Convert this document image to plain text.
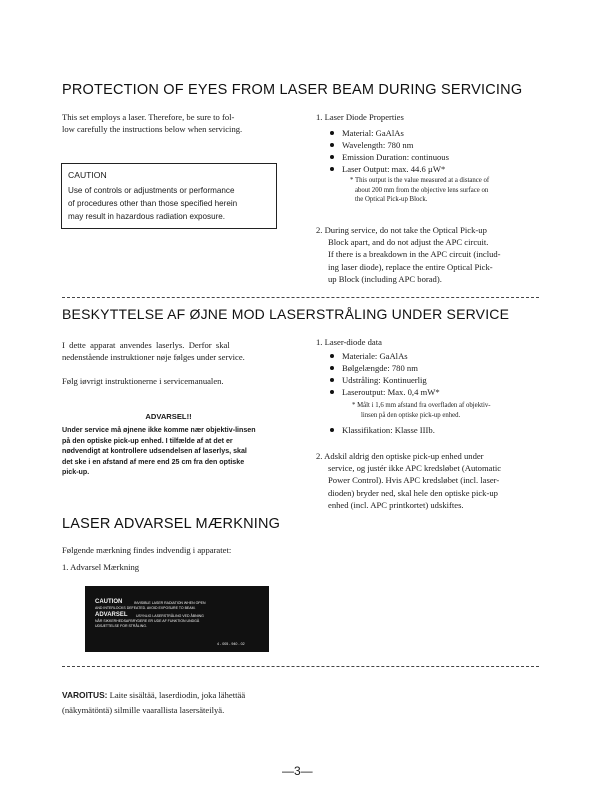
PROTECTION OF EYES FROM LASER BEAM DURING SERVICING
This set employs a laser. Therefore, be sure to fol-
low carefully the instructions below when servicing.
CAUTION
Use of controls or adjustments or performance
of procedures other than those specified herein
may result in hazardous radiation exposure.
1. Laser Diode Properties
Material: GaAlAs
Wavelength: 780 nm
Emission Duration: continuous
Laser Output: max. 44.6 µW*
* This output is the value measured at a distance of
about 200 mm from the objective lens surface on
the Optical Pick-up Block.
2. During service, do not take the Optical Pick-up
Block apart, and do not adjust the APC circuit.
If there is a breakdown in the APC circuit (includ-
ing laser diode), replace the entire Optical Pick-
up Block (including APC borad).
BESKYTTELSE AF ØJNE MOD LASERSTRÅLING UNDER SERVICE
I  dette  apparat  anvendes  laserlys.  Derfor  skal
nedenstående instruktioner nøje følges under service.
Følg iøvrigt instruktionerne i servicemanualen.
ADVARSEL!!
Under service må øjnene ikke komme nær objektiv-linsen
på den optiske pick-up enhed. I tilfælde af at det er
nødvendigt at kontrollere udsendelsen af laserlys, skal
det ske i en afstand af mere end 25 cm fra den optiske
pick-up.
1. Laser-diode data
Materiale: GaAlAs
Bølgelængde: 780 nm
Udstråling: Kontinuerlig
Laseroutput: Max. 0,4 mW*
* Målt i 1,6 mm afstand fra overfladen af objektiv-
linsen på den optiske pick-up enhed.
Klassifikation: Klasse IIIb.
2. Adskil aldrig den optiske pick-up enhed under
service, og justér ikke APC kredsløbet (Automatic
Power Control). Hvis APC kredsløbet (incl. laser-
dioden) bryder ned, skal hele den optiske pick-up
enhed (incl. APC printkortet) udskiftes.
LASER ADVARSEL MÆRKNING
Følgende mærkning findes indvendig i apparatet:
1. Advarsel Mærkning
CAUTION	INVISIBLE LASER RADIATION WHEN OPEN
AND INTERLOCKS DEFEATED. AVOID EXPOSURE TO BEAM.
ADVARSEL USYNLIG LASERSTRÅLING VED ÅBNING
NÅR SIKKERHEDSAFBRYDERE ER UDE AF FUNKTION UNDGÅ
UDSÆTTELSE FOR STRÅLING.
4 - 005 - 940 - 02
VAROITUS: Laite sisältää, laserdiodin, joka lähettää
(näkymätöntä) silmille vaarallista lasersäteilyä.
—3—
